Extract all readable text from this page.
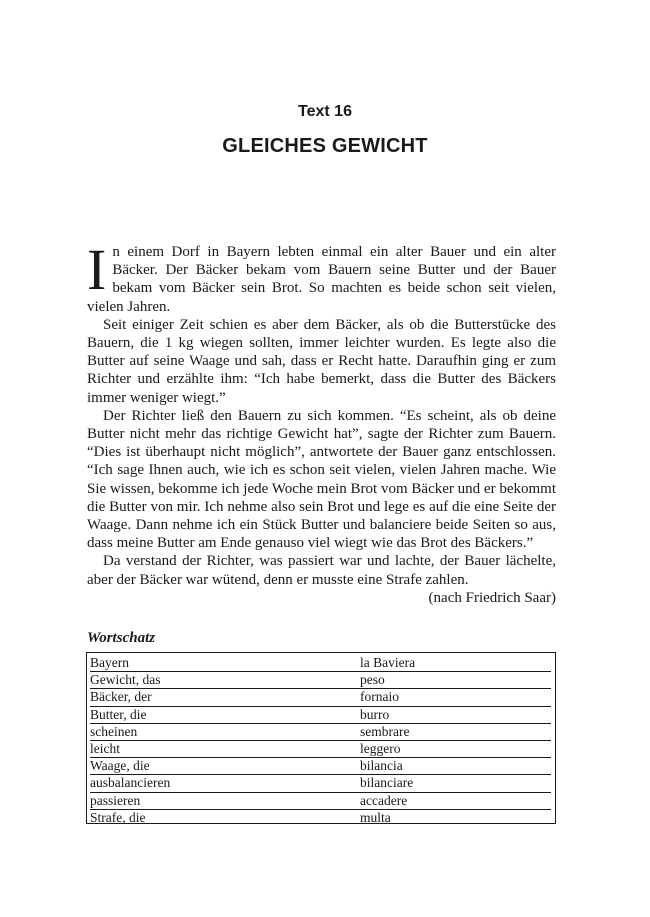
Text 16
GLEICHES GEWICHT

In einem Dorf in Bayern lebten einmal ein alter Bauer und ein alter Bäcker. Der Bäcker bekam vom Bauern seine Butter und der Bauer bekam vom Bäcker sein Brot. So machten es beide schon seit vielen, vielen Jahren.

Seit einiger Zeit schien es aber dem Bäcker, als ob die Butterstücke des Bauern, die 1 kg wiegen sollten, immer leichter wurden. Es legte also die Butter auf seine Waage und sah, dass er Recht hatte. Daraufhin ging er zum Richter und erzählte ihm: “Ich habe bemerkt, dass die Butter des Bäckers immer weniger wiegt.”

Der Richter ließ den Bauern zu sich kommen. “Es scheint, als ob deine Butter nicht mehr das richtige Gewicht hat”, sagte der Richter zum Bauern. “Dies ist überhaupt nicht möglich”, antwortete der Bauer ganz entschlossen. “Ich sage Ihnen auch, wie ich es schon seit vielen, vielen Jahren mache. Wie Sie wissen, bekomme ich jede Woche mein Brot vom Bäcker und er bekommt die Butter von mir. Ich nehme also sein Brot und lege es auf die eine Seite der Waage. Dann nehme ich ein Stück Butter und balanciere beide Seiten so aus, dass meine Butter am Ende genauso viel wiegt wie das Brot des Bäckers.”

Da verstand der Richter, was passiert war und lachte, der Bauer lächelte, aber der Bäcker war wütend, denn er musste eine Strafe zahlen.

(nach Friedrich Saar)

Wortschatz
Bayern	la Baviera
Gewicht, das	peso
Bäcker, der	fornaio
Butter, die	burro
scheinen	sembrare
leicht	leggero
Waage, die	bilancia
ausbalancieren	bilanciare
passieren	accadere
Strafe, die	multa
